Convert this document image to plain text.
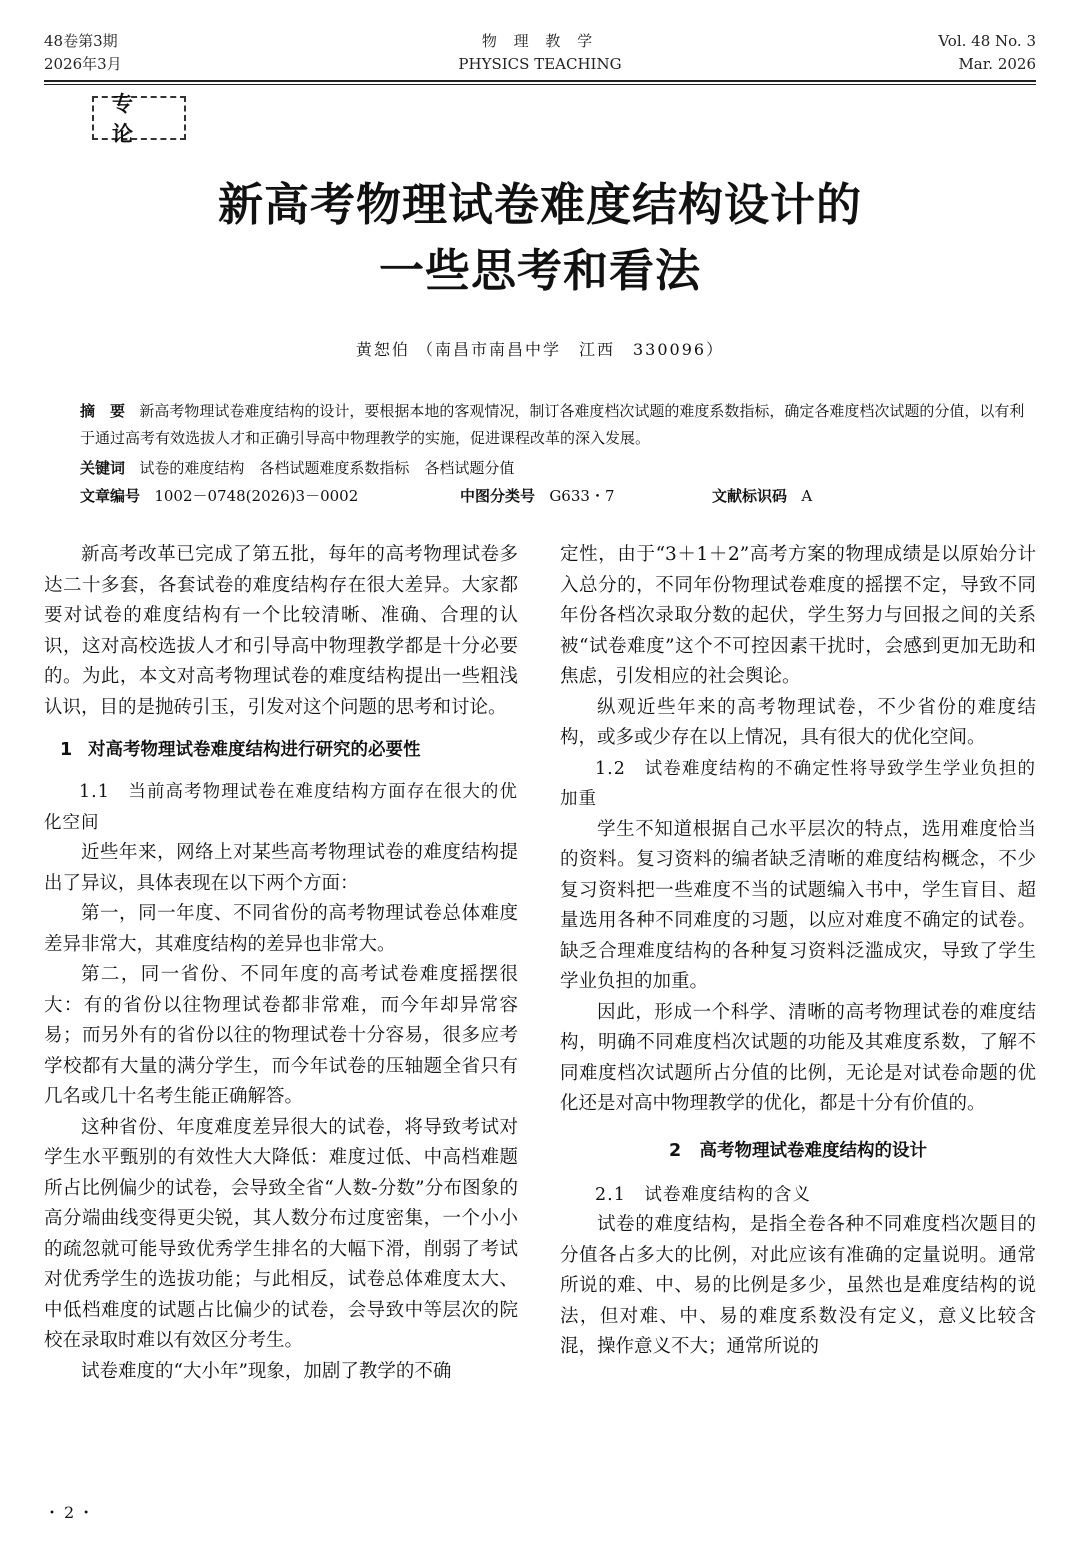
48卷第3期
2026年3月
物 理 教 学
PHYSICS TEACHING
Vol. 48 No. 3
Mar. 2026
专论
新高考物理试卷难度结构设计的
一些思考和看法
黄恕伯 （南昌市南昌中学　江西　330096）
摘　要 新高考物理试卷难度结构的设计，要根据本地的客观情况，制订各难度档次试题的难度系数指标，确定各难度档次试题的分值，以有利于通过高考有效选拔人才和正确引导高中物理教学的实施，促进课程改革的深入发展。
关键词 试卷的难度结构　各档试题难度系数指标　各档试题分值
文章编号 1002－0748(2026)3－0002	中图分类号 G633・7	文献标识码 A

新高考改革已完成了第五批，每年的高考物理试卷多达二十多套，各套试卷的难度结构存在很大差异。大家都要对试卷的难度结构有一个比较清晰、准确、合理的认识，这对高校选拔人才和引导高中物理教学都是十分必要的。为此，本文对高考物理试卷的难度结构提出一些粗浅认识，目的是抛砖引玉，引发对这个问题的思考和讨论。

1 对高考物理试卷难度结构进行研究的必要性

1.1　当前高考物理试卷在难度结构方面存在很大的优化空间

近些年来，网络上对某些高考物理试卷的难度结构提出了异议，具体表现在以下两个方面：

第一，同一年度、不同省份的高考物理试卷总体难度差异非常大，其难度结构的差异也非常大。

第二，同一省份、不同年度的高考试卷难度摇摆很大：有的省份以往物理试卷都非常难，而今年却异常容易；而另外有的省份以往的物理试卷十分容易，很多应考学校都有大量的满分学生，而今年试卷的压轴题全省只有几名或几十名考生能正确解答。

这种省份、年度难度差异很大的试卷，将导致考试对学生水平甄别的有效性大大降低：难度过低、中高档难题所占比例偏少的试卷，会导致全省“人数-分数”分布图象的高分端曲线变得更尖锐，其人数分布过度密集，一个小小的疏忽就可能导致优秀学生排名的大幅下滑，削弱了考试对优秀学生的选拔功能；与此相反，试卷总体难度太大、中低档难度的试题占比偏少的试卷，会导致中等层次的院校在录取时难以有效区分考生。

试卷难度的“大小年”现象，加剧了教学的不确

定性，由于“3＋1＋2”高考方案的物理成绩是以原始分计入总分的，不同年份物理试卷难度的摇摆不定，导致不同年份各档次录取分数的起伏，学生努力与回报之间的关系被“试卷难度”这个不可控因素干扰时，会感到更加无助和焦虑，引发相应的社会舆论。

纵观近些年来的高考物理试卷，不少省份的难度结构，或多或少存在以上情况，具有很大的优化空间。

1.2　试卷难度结构的不确定性将导致学生学业负担的加重

学生不知道根据自己水平层次的特点，选用难度恰当的资料。复习资料的编者缺乏清晰的难度结构概念，不少复习资料把一些难度不当的试题编入书中，学生盲目、超量选用各种不同难度的习题，以应对难度不确定的试卷。缺乏合理难度结构的各种复习资料泛滥成灾，导致了学生学业负担的加重。

因此，形成一个科学、清晰的高考物理试卷的难度结构，明确不同难度档次试题的功能及其难度系数，了解不同难度档次试题所占分值的比例，无论是对试卷命题的优化还是对高中物理教学的优化，都是十分有价值的。

2 高考物理试卷难度结构的设计

2.1　试卷难度结构的含义

试卷的难度结构，是指全卷各种不同难度档次题目的分值各占多大的比例，对此应该有准确的定量说明。通常所说的难、中、易的比例是多少，虽然也是难度结构的说法，但对难、中、易的难度系数没有定义，意义比较含混，操作意义不大；通常所说的

・2・
